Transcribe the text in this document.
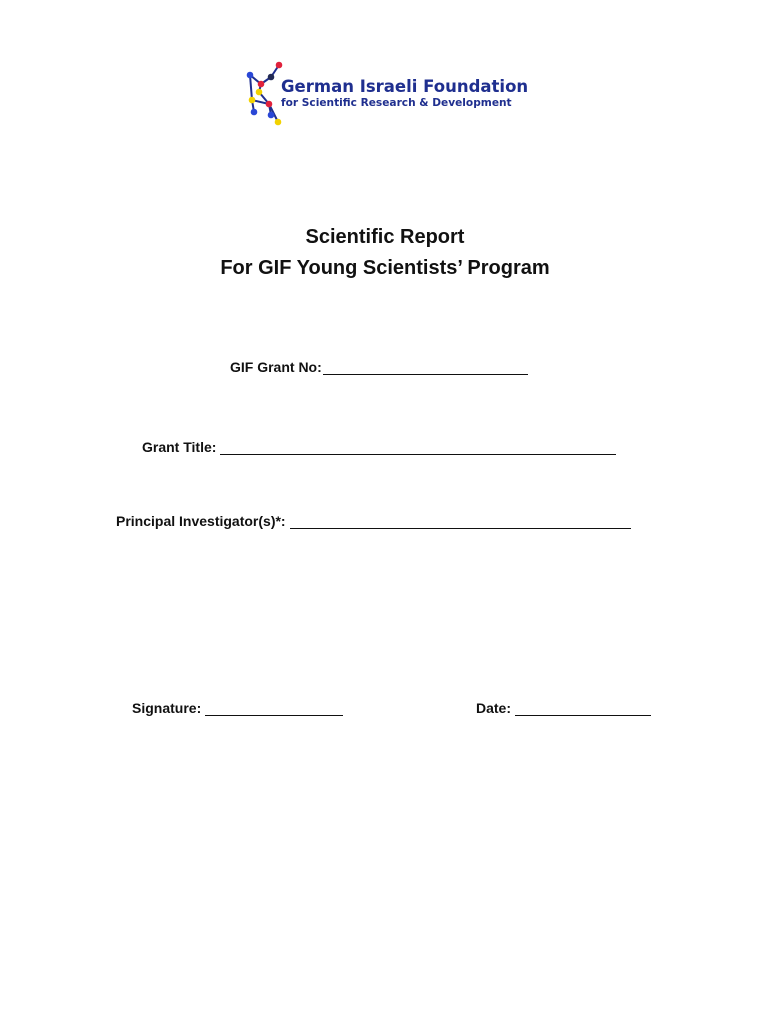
German Israeli Foundation
for Scientific Research & Development
Scientific Report
For GIF Young Scientists’ Program
GIF Grant No:
Grant Title:
Principal Investigator(s)*:
Signature:	Date:
